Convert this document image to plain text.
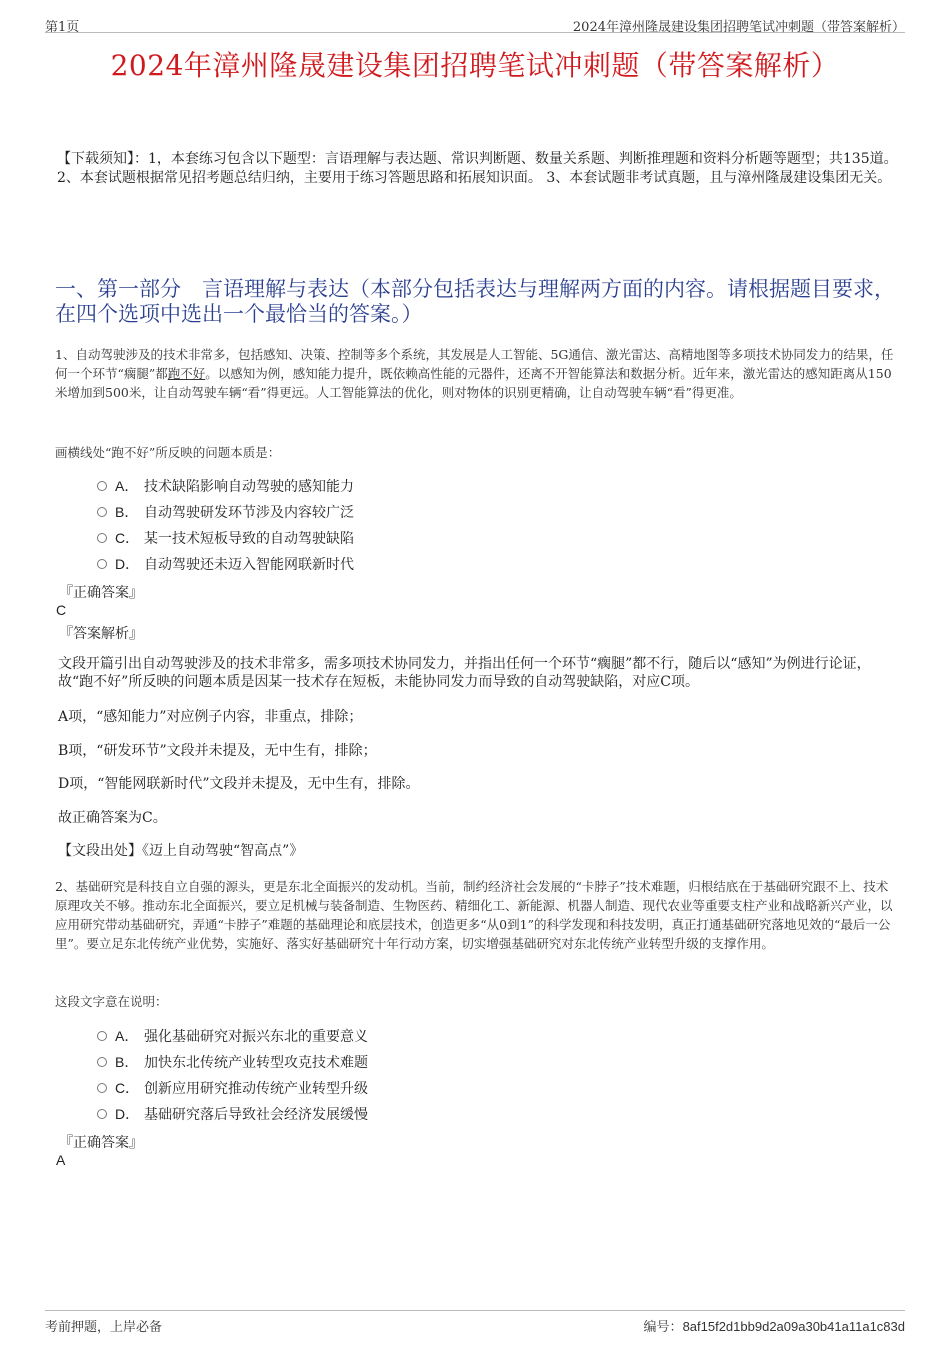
第1页	2024年漳州隆晟建设集团招聘笔试冲刺题（带答案解析）
2024年漳州隆晟建设集团招聘笔试冲刺题（带答案解析）
【下载须知】：1，本套练习包含以下题型：言语理解与表达题、常识判断题、数量关系题、判断推理题和资料分析题等题型；共135道。 2、本套试题根据常见招考题总结归纳，主要用于练习答题思路和拓展知识面。 3、本套试题非考试真题，且与漳州隆晟建设集团无关。
一、第一部分　言语理解与表达（本部分包括表达与理解两方面的内容。请根据题目要求，在四个选项中选出一个最恰当的答案。）
1、自动驾驶涉及的技术非常多，包括感知、决策、控制等多个系统，其发展是人工智能、5G通信、激光雷达、高精地图等多项技术协同发力的结果，任何一个环节“瘸腿”都跑不好。以感知为例，感知能力提升，既依赖高性能的元器件，还离不开智能算法和数据分析。近年来，激光雷达的感知距离从150米增加到500米，让自动驾驶车辆“看”得更远。人工智能算法的优化，则对物体的识别更精确，让自动驾驶车辆“看”得更准。
画横线处“跑不好”所反映的问题本质是：
A． 技术缺陷影响自动驾驶的感知能力
B． 自动驾驶研发环节涉及内容较广泛
C． 某一技术短板导致的自动驾驶缺陷
D． 自动驾驶还未迈入智能网联新时代
『正确答案』
C
『答案解析』
文段开篇引出自动驾驶涉及的技术非常多，需多项技术协同发力，并指出任何一个环节“瘸腿”都不行，随后以“感知”为例进行论证，故“跑不好”所反映的问题本质是因某一技术存在短板，未能协同发力而导致的自动驾驶缺陷，对应C项。
A项，“感知能力”对应例子内容，非重点，排除；
B项，“研发环节”文段并未提及，无中生有，排除；
D项，“智能网联新时代”文段并未提及，无中生有，排除。
故正确答案为C。
【文段出处】《迈上自动驾驶“智高点”》
2、基础研究是科技自立自强的源头，更是东北全面振兴的发动机。当前，制约经济社会发展的“卡脖子”技术难题，归根结底在于基础研究跟不上、技术原理攻关不够。推动东北全面振兴，要立足机械与装备制造、生物医药、精细化工、新能源、机器人制造、现代农业等重要支柱产业和战略新兴产业，以应用研究带动基础研究，弄通“卡脖子”难题的基础理论和底层技术，创造更多“从0到1”的科学发现和科技发明，真正打通基础研究落地见效的“最后一公里”。要立足东北传统产业优势，实施好、落实好基础研究十年行动方案，切实增强基础研究对东北传统产业转型升级的支撑作用。
这段文字意在说明：
A． 强化基础研究对振兴东北的重要意义
B． 加快东北传统产业转型攻克技术难题
C． 创新应用研究推动传统产业转型升级
D． 基础研究落后导致社会经济发展缓慢
『正确答案』
A
考前押题，上岸必备	编号：8af15f2d1bb9d2a09a30b41a11a1c83d
